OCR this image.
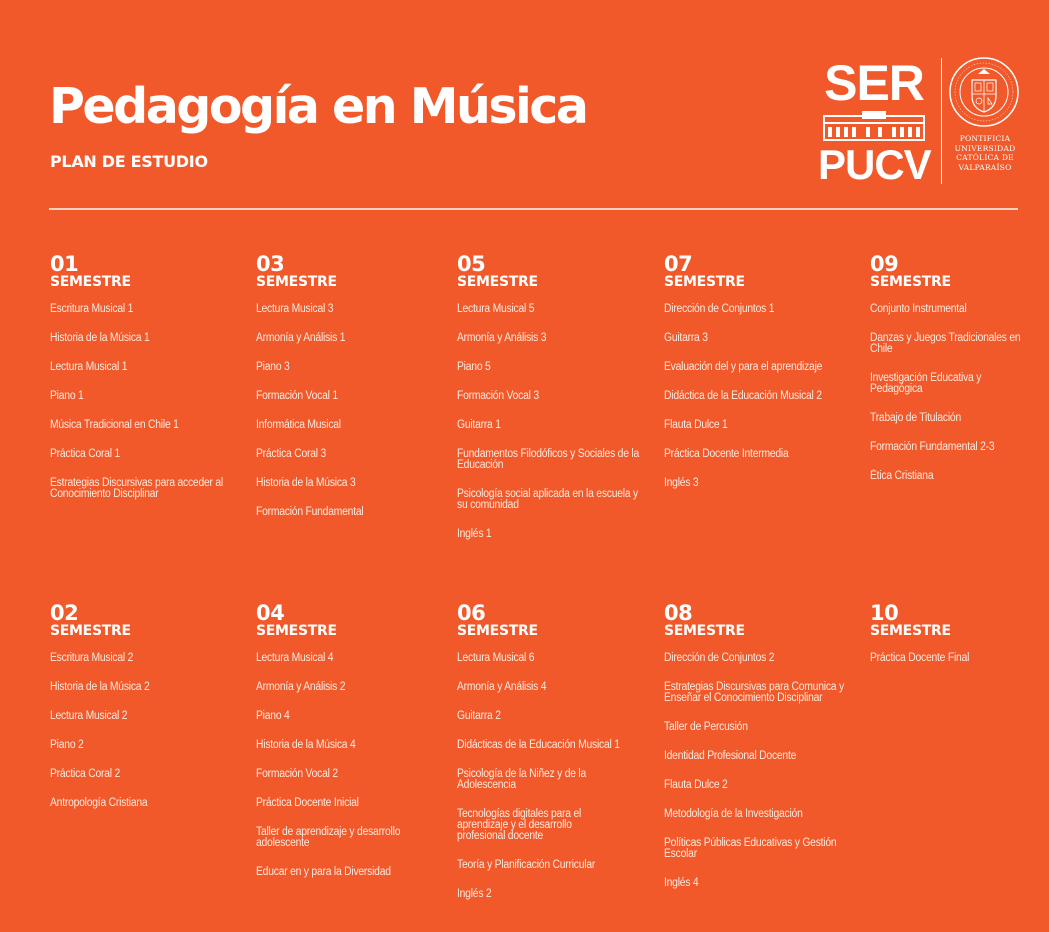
Pedagogía en Música
PLAN DE ESTUDIO
SER
PUCV
PONTIFICIA
UNIVERSIDAD
CATÓLICA DE
VALPARAÍSO
01
SEMESTRE
Escritura Musical 1
Historia de la Música 1
Lectura Musical 1
Piano 1
Música Tradicional en Chile 1
Práctica Coral 1
Estrategias Discursivas para acceder al Conocimiento Disciplinar
03
SEMESTRE
Lectura Musical 3
Armonía y Análisis 1
Piano 3
Formación Vocal 1
Informática Musical
Práctica Coral 3
Historia de la Música 3
Formación Fundamental
05
SEMESTRE
Lectura Musical 5
Armonía y Análisis 3
Piano 5
Formación Vocal 3
Guitarra 1
Fundamentos Filodóficos y Sociales de la Educación
Psicología social aplicada en la escuela y su comunidad
Inglés 1
07
SEMESTRE
Dirección de Conjuntos 1
Guitarra 3
Evaluación del y para el aprendizaje
Didáctica de la Educación Musical 2
Flauta Dulce 1
Práctica Docente Intermedia
Inglés 3
09
SEMESTRE
Conjunto Instrumental
Danzas y Juegos Tradicionales en Chile
Investigación Educativa y Pedagógica
Trabajo de Titulación
Formación Fundamental 2-3
Ética Cristiana
02
SEMESTRE
Escritura Musical 2
Historia de la Música 2
Lectura Musical 2
Piano 2
Práctica Coral 2
Antropología Cristiana
04
SEMESTRE
Lectura Musical 4
Armonía y Análisis 2
Piano 4
Historia de la Música 4
Formación Vocal 2
Práctica Docente Inicial
Taller de aprendizaje y desarrollo adolescente
Educar en y para la Diversidad
06
SEMESTRE
Lectura Musical 6
Armonía y Análisis 4
Guitarra 2
Didácticas de la Educación Musical 1
Psicología de la Niñez y de la Adolescencia
Tecnologías digitales para el aprendizaje y el desarrollo profesional docente
Teoría y Planificación Curricular
Inglés 2
08
SEMESTRE
Dirección de Conjuntos 2
Estrategias Discursivas para Comunica y Enseñar el Conocimiento Disciplinar
Taller de Percusión
Identidad Profesional Docente
Flauta Dulce 2
Metodología de la Investigación
Políticas Públicas Educativas y Gestión Escolar
Inglés 4
10
SEMESTRE
Práctica Docente Final
